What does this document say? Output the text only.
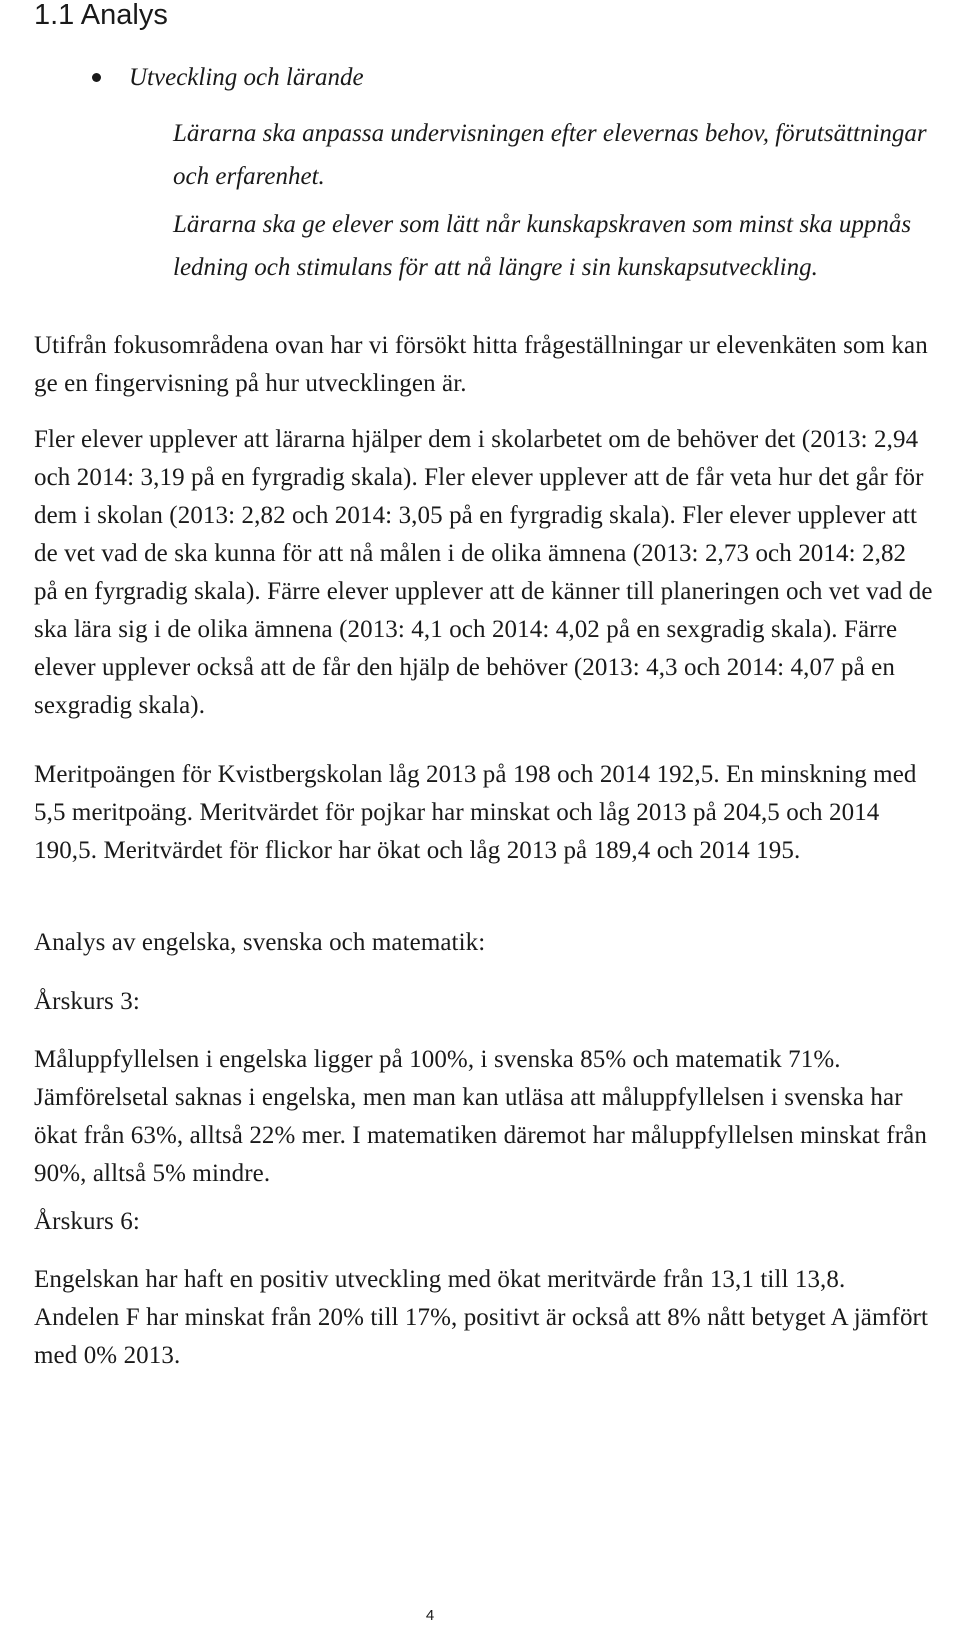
1.1 Analys
Utveckling och lärande

Lärarna ska anpassa undervisningen efter elevernas behov, förutsättningar och erfarenhet.

Lärarna ska ge elever som lätt når kunskapskraven som minst ska uppnås ledning och stimulans för att nå längre i sin kunskapsutveckling.

Utifrån fokusområdena ovan har vi försökt hitta frågeställningar ur elevenkäten som kan ge en fingervisning på hur utvecklingen är.

Fler elever upplever att lärarna hjälper dem i skolarbetet om de behöver det (2013: 2,94 och 2014: 3,19 på en fyrgradig skala). Fler elever upplever att de får veta hur det går för dem i skolan (2013: 2,82 och 2014: 3,05 på en fyrgradig skala). Fler elever upplever att de vet vad de ska kunna för att nå målen i de olika ämnena (2013: 2,73 och 2014: 2,82 på en fyrgradig skala). Färre elever upplever att de känner till planeringen och vet vad de ska lära sig i de olika ämnena (2013: 4,1 och 2014: 4,02 på en sexgradig skala). Färre elever upplever också att de får den hjälp de behöver (2013: 4,3 och 2014: 4,07 på en sexgradig skala).

Meritpoängen för Kvistbergskolan låg 2013 på 198 och 2014 192,5. En minskning med 5,5 meritpoäng. Meritvärdet för pojkar har minskat och låg 2013 på 204,5 och 2014 190,5. Meritvärdet för flickor har ökat och låg 2013 på 189,4 och 2014 195.

Analys av engelska, svenska och matematik:

Årskurs 3:

Måluppfyllelsen i engelska ligger på 100%, i svenska 85% och matematik 71%. Jämförelsetal saknas i engelska, men man kan utläsa att måluppfyllelsen i svenska har ökat från 63%, alltså 22% mer. I matematiken däremot har måluppfyllelsen minskat från 90%, alltså 5% mindre.

Årskurs 6:

Engelskan har haft en positiv utveckling med ökat meritvärde från 13,1 till 13,8. Andelen F har minskat från 20% till 17%, positivt är också att 8% nått betyget A jämfört med 0% 2013.

4
